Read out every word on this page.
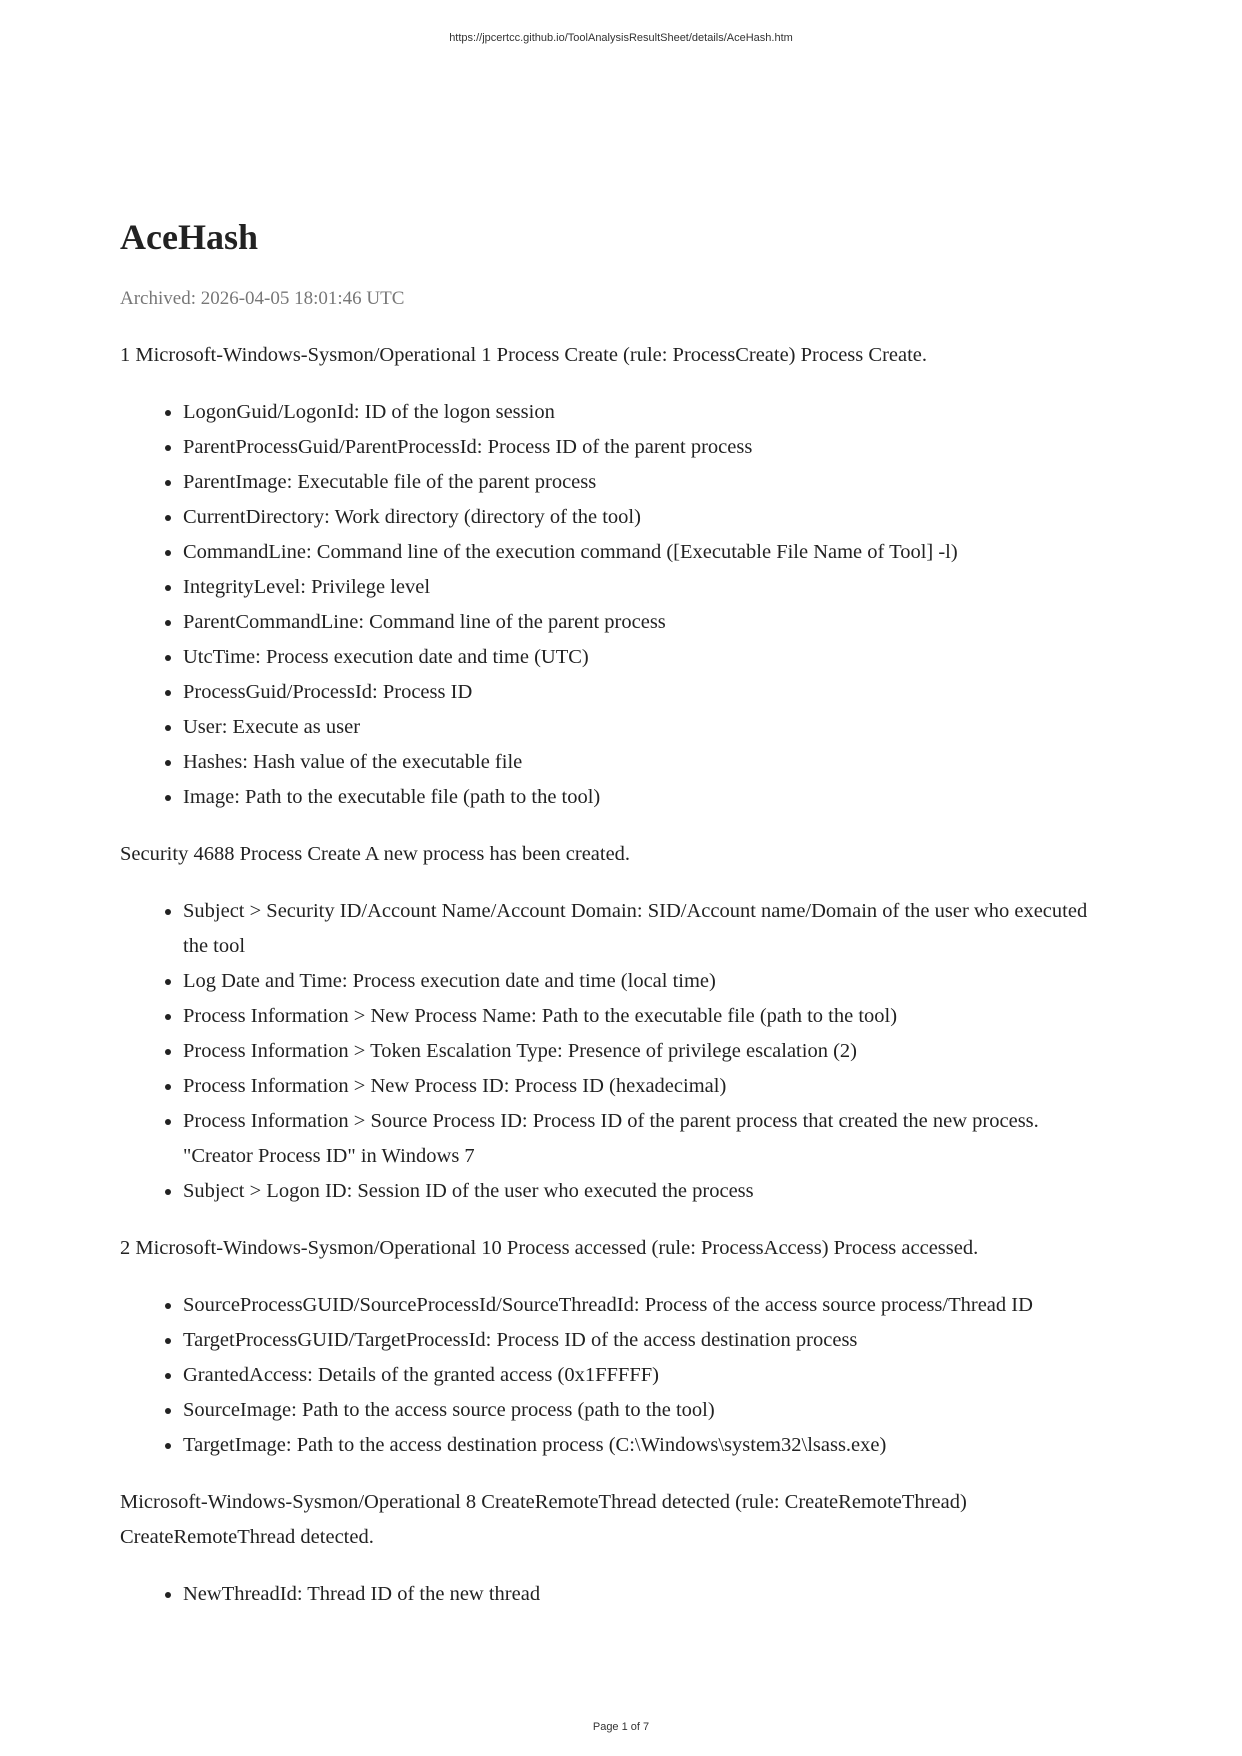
https://jpcertcc.github.io/ToolAnalysisResultSheet/details/AceHash.htm
AceHash

Archived: 2026-04-05 18:01:46 UTC

1 Microsoft-Windows-Sysmon/Operational 1 Process Create (rule: ProcessCreate) Process Create.

• LogonGuid/LogonId: ID of the logon session
• ParentProcessGuid/ParentProcessId: Process ID of the parent process
• ParentImage: Executable file of the parent process
• CurrentDirectory: Work directory (directory of the tool)
• CommandLine: Command line of the execution command ([Executable File Name of Tool] -l)
• IntegrityLevel: Privilege level
• ParentCommandLine: Command line of the parent process
• UtcTime: Process execution date and time (UTC)
• ProcessGuid/ProcessId: Process ID
• User: Execute as user
• Hashes: Hash value of the executable file
• Image: Path to the executable file (path to the tool)

Security 4688 Process Create A new process has been created.

• Subject > Security ID/Account Name/Account Domain: SID/Account name/Domain of the user who executed the tool
• Log Date and Time: Process execution date and time (local time)
• Process Information > New Process Name: Path to the executable file (path to the tool)
• Process Information > Token Escalation Type: Presence of privilege escalation (2)
• Process Information > New Process ID: Process ID (hexadecimal)
• Process Information > Source Process ID: Process ID of the parent process that created the new process. "Creator Process ID" in Windows 7
• Subject > Logon ID: Session ID of the user who executed the process

2 Microsoft-Windows-Sysmon/Operational 10 Process accessed (rule: ProcessAccess) Process accessed.

• SourceProcessGUID/SourceProcessId/SourceThreadId: Process of the access source process/Thread ID
• TargetProcessGUID/TargetProcessId: Process ID of the access destination process
• GrantedAccess: Details of the granted access (0x1FFFFF)
• SourceImage: Path to the access source process (path to the tool)
• TargetImage: Path to the access destination process (C:\Windows\system32\lsass.exe)

Microsoft-Windows-Sysmon/Operational 8 CreateRemoteThread detected (rule: CreateRemoteThread) CreateRemoteThread detected.

• NewThreadId: Thread ID of the new thread
Page 1 of 7
